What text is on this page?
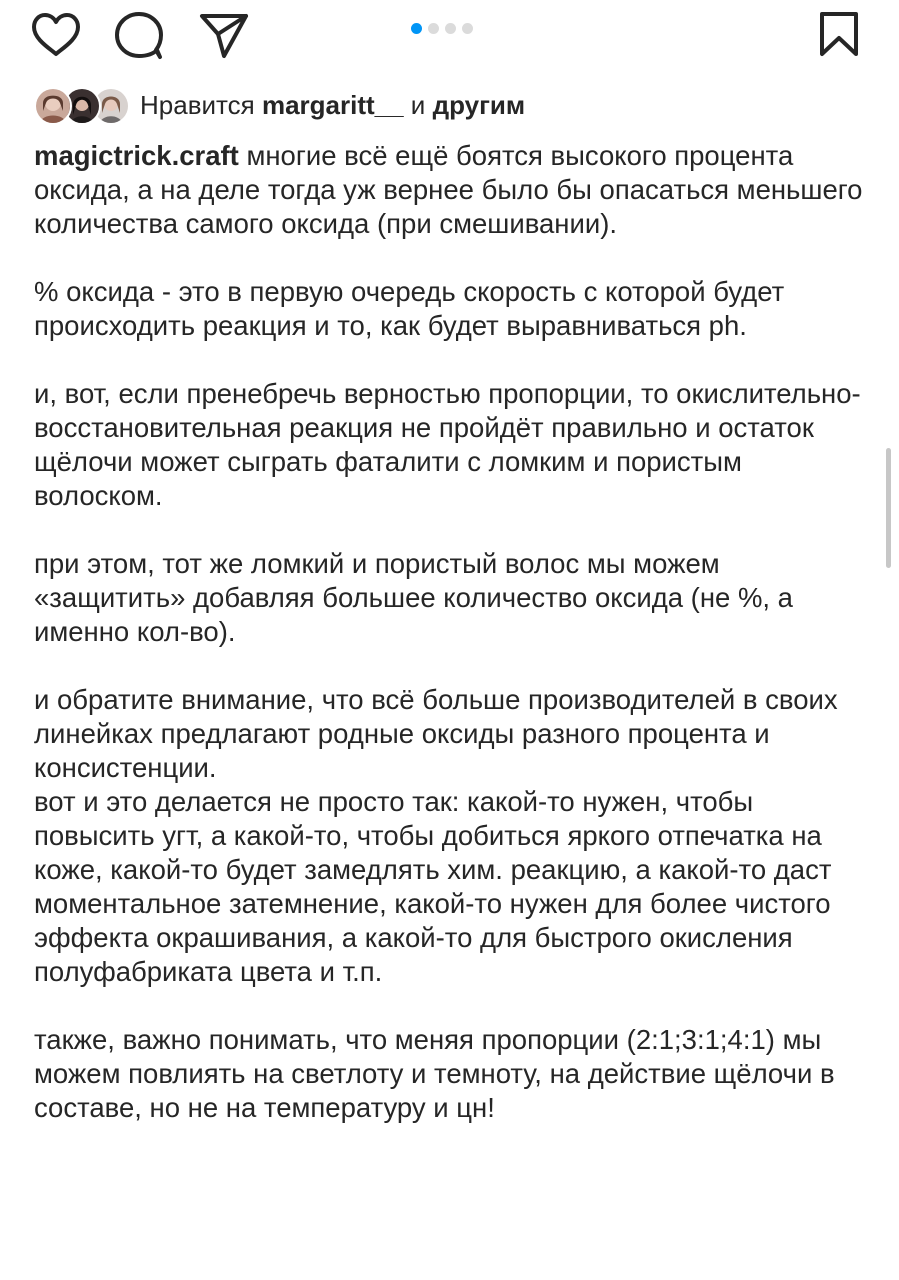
Нравится margaritt__ и другим

magictrick.craft многие всё ещё боятся высокого процента оксида, а на деле тогда уж вернее было бы опасаться меньшего количества самого оксида (при смешивании).

% оксида - это в первую очередь скорость с которой будет происходить реакция и то, как будет выравниваться ph.

и, вот, если пренебречь верностью пропорции, то окислительно-восстановительная реакция не пройдёт правильно и остаток щёлочи может сыграть фаталити с ломким и пористым волоском.

при этом, тот же ломкий и пористый волос мы можем «защитить» добавляя большее количество оксида (не %, а именно кол-во).

и обратите внимание, что всё больше производителей в своих линейках предлагают родные оксиды разного процента и консистенции.

вот и это делается не просто так: какой-то нужен, чтобы повысить угт, а какой-то, чтобы добиться яркого отпечатка на коже, какой-то будет замедлять хим. реакцию, а какой-то даст моментальное затемнение, какой-то нужен для более чистого эффекта окрашивания, а какой-то для быстрого окисления полуфабриката цвета и т.п.

также, важно понимать, что меняя пропорции (2:1;3:1;4:1) мы можем повлиять на светлоту и темноту, на действие щёлочи в составе, но не на температуру и цн!
